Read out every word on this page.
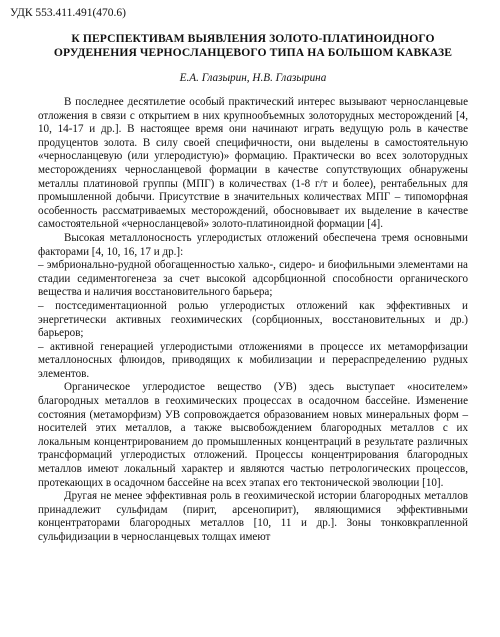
УДК 553.411.491(470.6)
К ПЕРСПЕКТИВАМ ВЫЯВЛЕНИЯ ЗОЛОТО-ПЛАТИНОИДНОГО
ОРУДЕНЕНИЯ ЧЕРНОСЛАНЦЕВОГО ТИПА НА БОЛЬШОМ КАВКАЗЕ
Е.А. Глазырин, Н.В. Глазырина

В последнее десятилетие особый практический интерес вызывают черносланцевые отложения в связи с открытием в них крупнообъемных золоторудных месторождений [4, 10, 14-17 и др.]. В настоящее время они начинают играть ведущую роль в качестве продуцентов золота. В силу своей специфичности, они выделены в самостоятельную «черносланцевую (или углеродистую)» формацию. Практически во всех золоторудных месторождениях черносланцевой формации в качестве сопутствующих обнаружены металлы платиновой группы (МПГ) в количествах (1-8 г/т и более), рентабельных для промышленной добычи. Присутствие в значительных количествах МПГ – типоморфная особенность рассматриваемых месторождений, обосновывает их выделение в качестве самостоятельной «черносланцевой» золото-платиноидной формации [4].

Высокая металлоносность углеродистых отложений обеспечена тремя основными факторами [4, 10, 16, 17 и др.]:

– эмбрионально-рудной обогащенностью халько-, сидеро- и биофильными элементами на стадии седиментогенеза за счет высокой адсорбционной способности органического вещества и наличия восстановительного барьера;

– постседиментационной ролью углеродистых отложений как эффективных и энергетически активных геохимических (сорбционных, восстановительных и др.) барьеров;

– активной генерацией углеродистыми отложениями в процессе их метаморфизации металлоносных флюидов, приводящих к мобилизации и перераспределению рудных элементов.

Органическое углеродистое вещество (УВ) здесь выступает «носителем» благородных металлов в геохимических процессах в осадочном бассейне. Изменение состояния (метаморфизм) УВ сопровождается образованием новых минеральных форм – носителей этих металлов, а также высвобождением благородных металлов с их локальным концентрированием до промышленных концентраций в результате различных трансформаций углеродистых отложений. Процессы концентрирования благородных металлов имеют локальный характер и являются частью петрологических процессов, протекающих в осадочном бассейне на всех этапах его тектонической эволюции [10].

Другая не менее эффективная роль в геохимической истории благородных металлов принадлежит сульфидам (пирит, арсенопирит), являющимися эффективными концентраторами благородных металлов [10, 11 и др.]. Зоны тонковкрапленной сульфидизации в черносланцевых толщах имеют
